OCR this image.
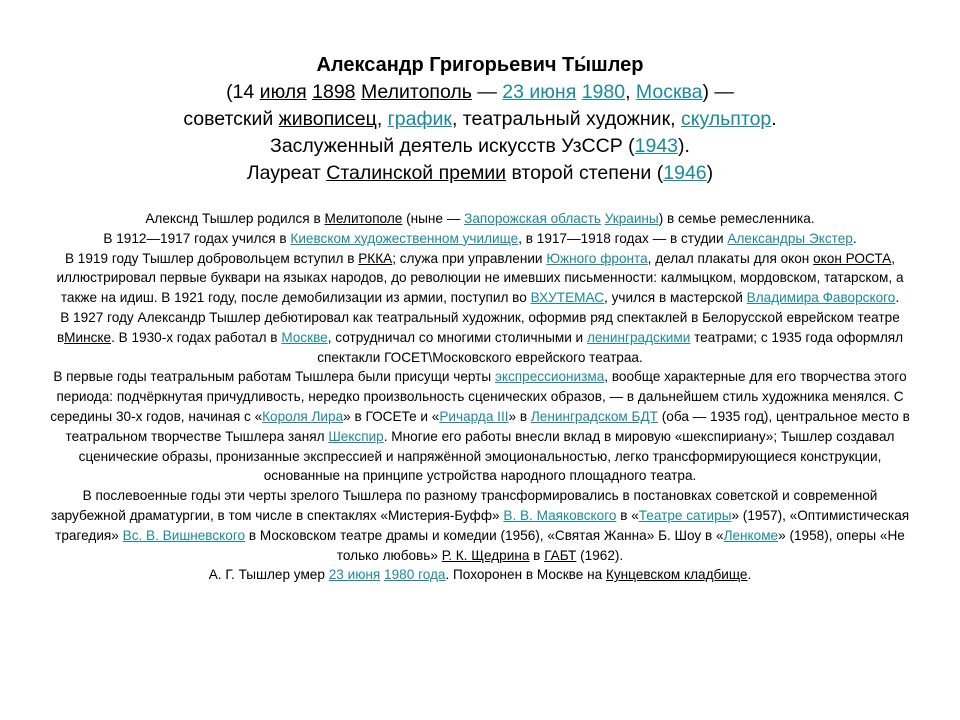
Александр Григорьевич Ты́шлер
(14 июля 1898 Мелитополь — 23 июня 1980, Москва) —
советский живописец, график, театральный художник, скульптор.
Заслуженный деятель искусств УзССР (1943).
Лауреат Сталинской премии второй степени (1946)
Алекснд Тышлер родился в Мелитополе (ныне — Запорожская область Украины) в семье ремесленника.
В 1912—1917 годах учился в Киевском художественном училище, в 1917—1918 годах — в студии Александры Экстер.
В 1919 году Тышлер добровольцем вступил в РККА; служа при управлении Южного фронта, делал плакаты для окон окон РОСТА, иллюстрировал первые буквари на языках народов, до революции не имевших письменности: калмыцком, мордовском, татарском, а также на идиш. В 1921 году, после демобилизации из армии, поступил во ВХУТЕМАС, учился в мастерской Владимира Фаворского.
В 1927 году Александр Тышлер дебютировал как театральный художник, оформив ряд спектаклей в Белорусской еврейском театре вМинске. В 1930-х годах работал в Москве, сотрудничал со многими столичными и ленинградскими театрами; с 1935 года оформлял спектакли ГОСЕТ\Московского еврейского театраа.
В первые годы театральным работам Тышлера были присущи черты экспрессионизма, вообще характерные для его творчества этого периода: подчёркнутая причудливость, нередко произвольность сценических образов, — в дальнейшем стиль художника менялся. С середины 30-х годов, начиная с «Короля Лира» в ГОСЕТе и «Ричарда III» в Ленинградском БДТ (оба — 1935 год), центральное место в театральном творчестве Тышлера занял Шекспир. Многие его работы внесли вклад в мировую «шекспириану»; Тышлер создавал сценические образы, пронизанные экспрессией и напряжённой эмоциональностью, легко трансформирующиеся конструкции, основанные на принципе устройства народного площадного театра.
В послевоенные годы эти черты зрелого Тышлера по разному трансформировались в постановках советской и современной зарубежной драматургии, в том числе в спектаклях «Мистерия-Буфф» В. В. Маяковского в «Театре сатиры» (1957), «Оптимистическая трагедия» Вс. В. Вишневского в Московском театре драмы и комедии (1956), «Святая Жанна» Б. Шоу в «Ленкоме» (1958), оперы «Не только любовь» Р. К. Щедрина в ГАБТ (1962).
А. Г. Тышлер умер 23 июня 1980 года. Похоронен в Москве на Кунцевском кладбище.
